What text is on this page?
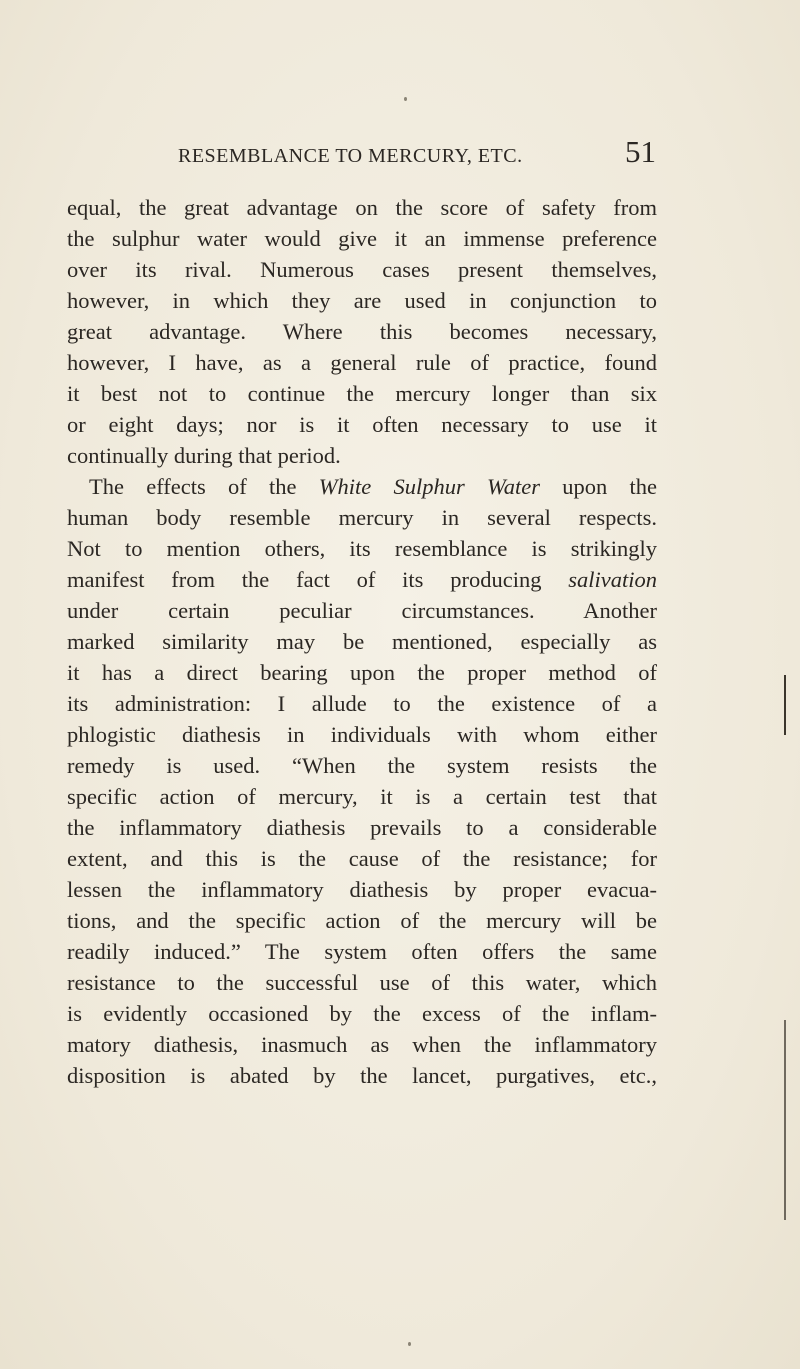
RESEMBLANCE TO MERCURY, ETC.	51
equal, the great advantage on the score of safety from
the sulphur water would give it an immense preference
over its rival. Numerous cases present themselves,
however, in which they are used in conjunction to
great advantage. Where this becomes necessary,
however, I have, as a general rule of practice, found
it best not to continue the mercury longer than six
or eight days; nor is it often necessary to use it
continually during that period.
The effects of the White Sulphur Water upon the
human body resemble mercury in several respects.
Not to mention others, its resemblance is strikingly
manifest from the fact of its producing salivation
under certain peculiar circumstances. Another
marked similarity may be mentioned, especially as
it has a direct bearing upon the proper method of
its administration: I allude to the existence of a
phlogistic diathesis in individuals with whom either
remedy is used. “When the system resists the
specific action of mercury, it is a certain test that
the inflammatory diathesis prevails to a considerable
extent, and this is the cause of the resistance; for
lessen the inflammatory diathesis by proper evacua-
tions, and the specific action of the mercury will be
readily induced.” The system often offers the same
resistance to the successful use of this water, which
is evidently occasioned by the excess of the inflam-
matory diathesis, inasmuch as when the inflammatory
disposition is abated by the lancet, purgatives, etc.,
